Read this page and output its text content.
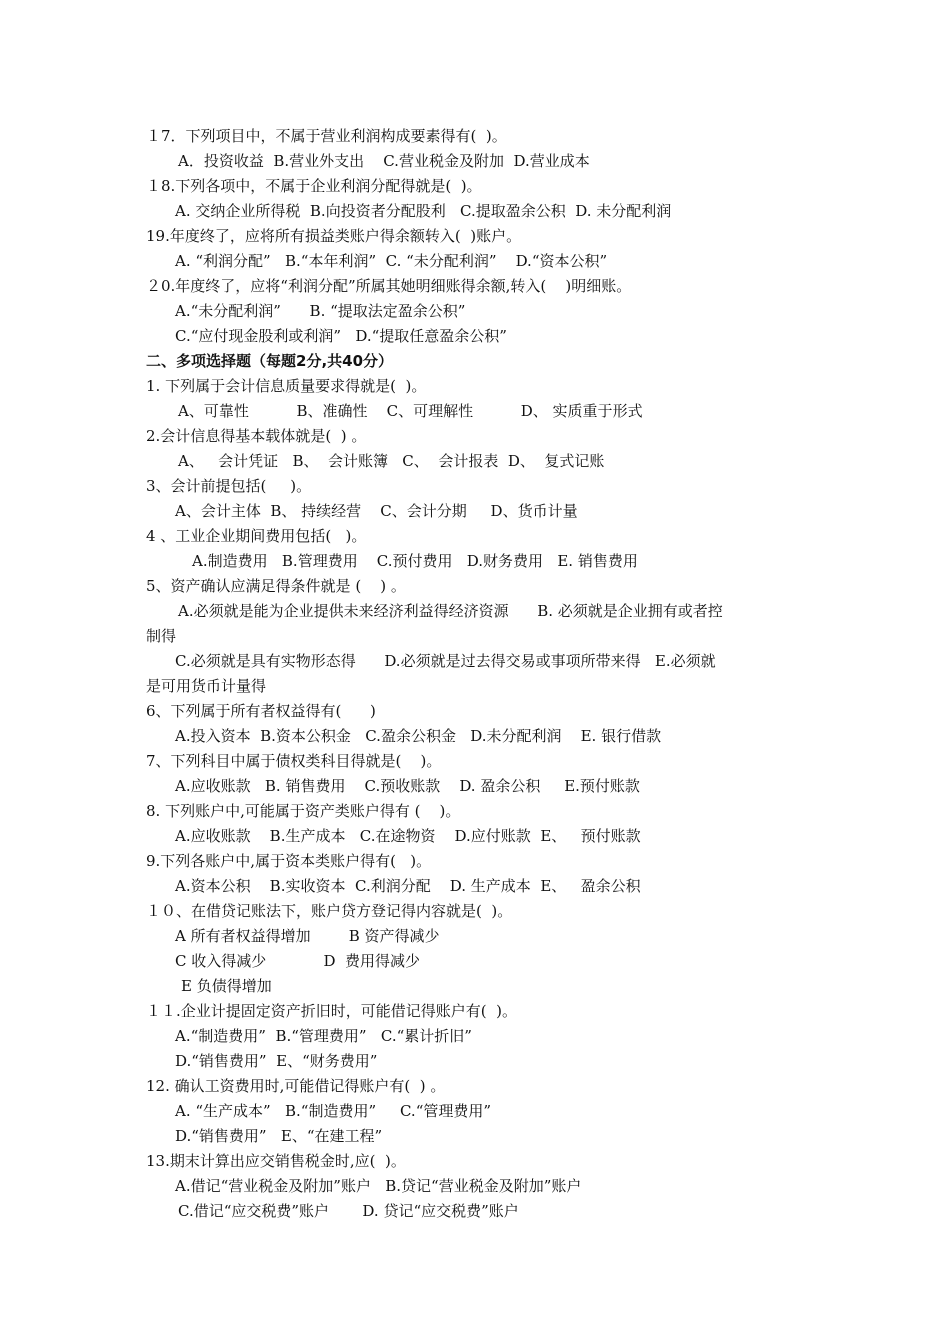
１7．下列项目中，不属于营业利润构成要素得有(  )。
A．投资收益  B.营业外支出    C.营业税金及附加  D.营业成本
１8.下列各项中，不属于企业利润分配得就是(  )。
A. 交纳企业所得税  B.向投资者分配股利   C.提取盈余公积  D. 未分配利润
19.年度终了，应将所有损益类账户得余额转入(  )账户。
A. “利润分配”   B.“本年利润”  C. “未分配利润”    D.“资本公积”
２0.年度终了，应将“利润分配”所属其她明细账得余额,转入(    )明细账。
A.“未分配利润”      B. “提取法定盈余公积”
C.“应付现金股利或利润”   D.“提取任意盈余公积”
二、多项选择题（每题2分,共40分）
1. 下列属于会计信息质量要求得就是(  )。
A、可靠性          B、准确性    C、可理解性          D、 实质重于形式
2.会计信息得基本载体就是(  ) 。
A、   会计凭证   B、  会计账簿   C、  会计报表  D、  复式记账
3、会计前提包括(     )。
A、会计主体  B、 持续经营    C、会计分期     D、货币计量
4 、工业企业期间费用包括(   )。
A.制造费用   B.管理费用    C.预付费用   D.财务费用   E. 销售费用
5、资产确认应满足得条件就是 (    ) 。
A.必须就是能为企业提供未来经济利益得经济资源      B. 必须就是企业拥有或者控
制得
C.必须就是具有实物形态得      D.必须就是过去得交易或事项所带来得   E.必须就
是可用货币计量得
6、下列属于所有者权益得有(      )
A.投入资本  B.资本公积金   C.盈余公积金   D.未分配利润    E. 银行借款
7、下列科目中属于债权类科目得就是(    )。
A.应收账款   B. 销售费用    C.预收账款    D. 盈余公积     E.预付账款
8. 下列账户中,可能属于资产类账户得有 (    )。
A.应收账款    B.生产成本   C.在途物资    D.应付账款  E、   预付账款
9.下列各账户中,属于资本类账户得有(   )。
A.资本公积    B.实收资本  C.利润分配    D. 生产成本  E、   盈余公积
１０、在借贷记账法下，账户贷方登记得内容就是(  )。
A 所有者权益得增加        B 资产得减少
C 收入得减少            D  费用得减少
E 负债得增加
１１.企业计提固定资产折旧时，可能借记得账户有(  )。
A.“制造费用”  B.“管理费用”   C.“累计折旧”
D.“销售费用”  E、“财务费用”
12. 确认工资费用时,可能借记得账户有(  ) 。
A. “生产成本”   B.“制造费用”     C.“管理费用”
D.“销售费用”   E、“在建工程”
13.期末计算出应交销售税金时,应(  )。
A.借记“营业税金及附加”账户   B.贷记“营业税金及附加”账户
C.借记“应交税费”账户       D. 贷记“应交税费”账户
